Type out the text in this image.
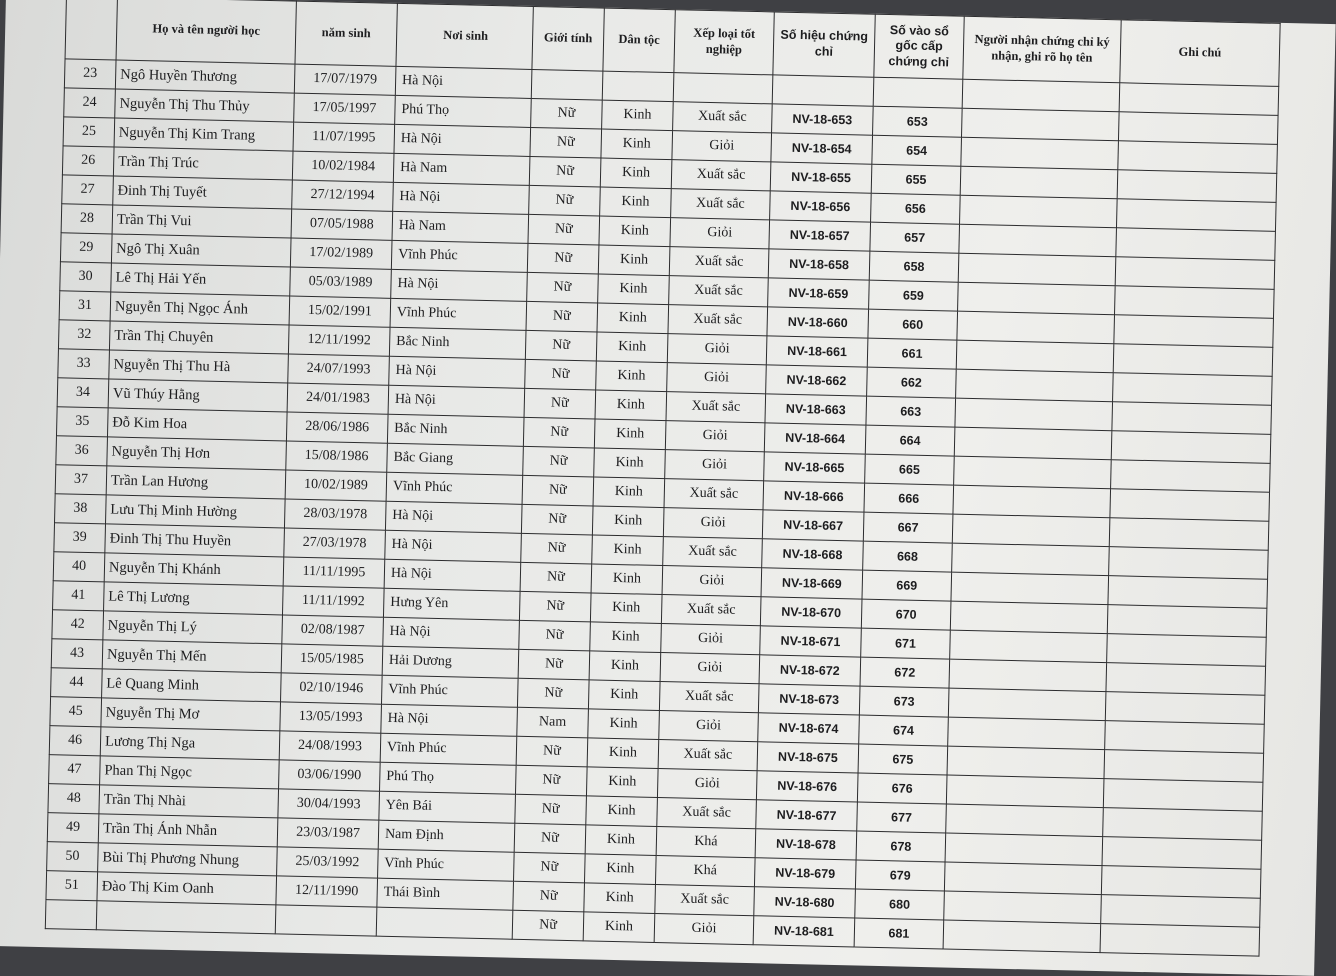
	Họ và tên người học	năm sinh	Nơi sinh	Giới tính	Dân tộc	Xếp loại tốt nghiệp	Số hiệu chứng chỉ	Số vào sổ gốc cấp chứng chỉ	Người nhận chứng chỉ ký nhận, ghi rõ họ tên	Ghi chú
23	Ngô Huyền Thương	17/07/1979	Hà Nội							
24	Nguyễn Thị Thu Thủy	17/05/1997	Phú Thọ	Nữ	Kinh	Xuất sắc	NV-18-653	653		
25	Nguyễn Thị Kim Trang	11/07/1995	Hà Nội	Nữ	Kinh	Giỏi	NV-18-654	654		
26	Trần Thị Trúc	10/02/1984	Hà Nam	Nữ	Kinh	Xuất sắc	NV-18-655	655		
27	Đinh Thị Tuyết	27/12/1994	Hà Nội	Nữ	Kinh	Xuất sắc	NV-18-656	656		
28	Trần Thị Vui	07/05/1988	Hà Nam	Nữ	Kinh	Giỏi	NV-18-657	657		
29	Ngô Thị Xuân	17/02/1989	Vĩnh Phúc	Nữ	Kinh	Xuất sắc	NV-18-658	658		
30	Lê Thị Hải Yến	05/03/1989	Hà Nội	Nữ	Kinh	Xuất sắc	NV-18-659	659		
31	Nguyễn Thị Ngọc Ánh	15/02/1991	Vĩnh Phúc	Nữ	Kinh	Xuất sắc	NV-18-660	660		
32	Trần Thị Chuyên	12/11/1992	Bắc Ninh	Nữ	Kinh	Giỏi	NV-18-661	661		
33	Nguyễn Thị Thu Hà	24/07/1993	Hà Nội	Nữ	Kinh	Giỏi	NV-18-662	662		
34	Vũ Thúy Hằng	24/01/1983	Hà Nội	Nữ	Kinh	Xuất sắc	NV-18-663	663		
35	Đỗ Kim Hoa	28/06/1986	Bắc Ninh	Nữ	Kinh	Giỏi	NV-18-664	664		
36	Nguyễn Thị Hơn	15/08/1986	Bắc Giang	Nữ	Kinh	Giỏi	NV-18-665	665		
37	Trần Lan Hương	10/02/1989	Vĩnh Phúc	Nữ	Kinh	Xuất sắc	NV-18-666	666		
38	Lưu Thị Minh Hường	28/03/1978	Hà Nội	Nữ	Kinh	Giỏi	NV-18-667	667		
39	Đinh Thị Thu Huyền	27/03/1978	Hà Nội	Nữ	Kinh	Xuất sắc	NV-18-668	668		
40	Nguyễn Thị Khánh	11/11/1995	Hà Nội	Nữ	Kinh	Giỏi	NV-18-669	669		
41	Lê Thị Lương	11/11/1992	Hưng Yên	Nữ	Kinh	Xuất sắc	NV-18-670	670		
42	Nguyễn Thị Lý	02/08/1987	Hà Nội	Nữ	Kinh	Giỏi	NV-18-671	671		
43	Nguyễn Thị Mến	15/05/1985	Hải Dương	Nữ	Kinh	Giỏi	NV-18-672	672		
44	Lê Quang Minh	02/10/1946	Vĩnh Phúc	Nữ	Kinh	Xuất sắc	NV-18-673	673		
45	Nguyễn Thị Mơ	13/05/1993	Hà Nội	Nam	Kinh	Giỏi	NV-18-674	674		
46	Lương Thị Nga	24/08/1993	Vĩnh Phúc	Nữ	Kinh	Xuất sắc	NV-18-675	675		
47	Phan Thị Ngọc	03/06/1990	Phú Thọ	Nữ	Kinh	Giỏi	NV-18-676	676		
48	Trần Thị Nhài	30/04/1993	Yên Bái	Nữ	Kinh	Xuất sắc	NV-18-677	677		
49	Trần Thị Ánh Nhẫn	23/03/1987	Nam Định	Nữ	Kinh	Khá	NV-18-678	678		
50	Bùi Thị Phương Nhung	25/03/1992	Vĩnh Phúc	Nữ	Kinh	Khá	NV-18-679	679		
51	Đào Thị Kim Oanh	12/11/1990	Thái Bình	Nữ	Kinh	Xuất sắc	NV-18-680	680		
				Nữ	Kinh	Giỏi	NV-18-681	681		
